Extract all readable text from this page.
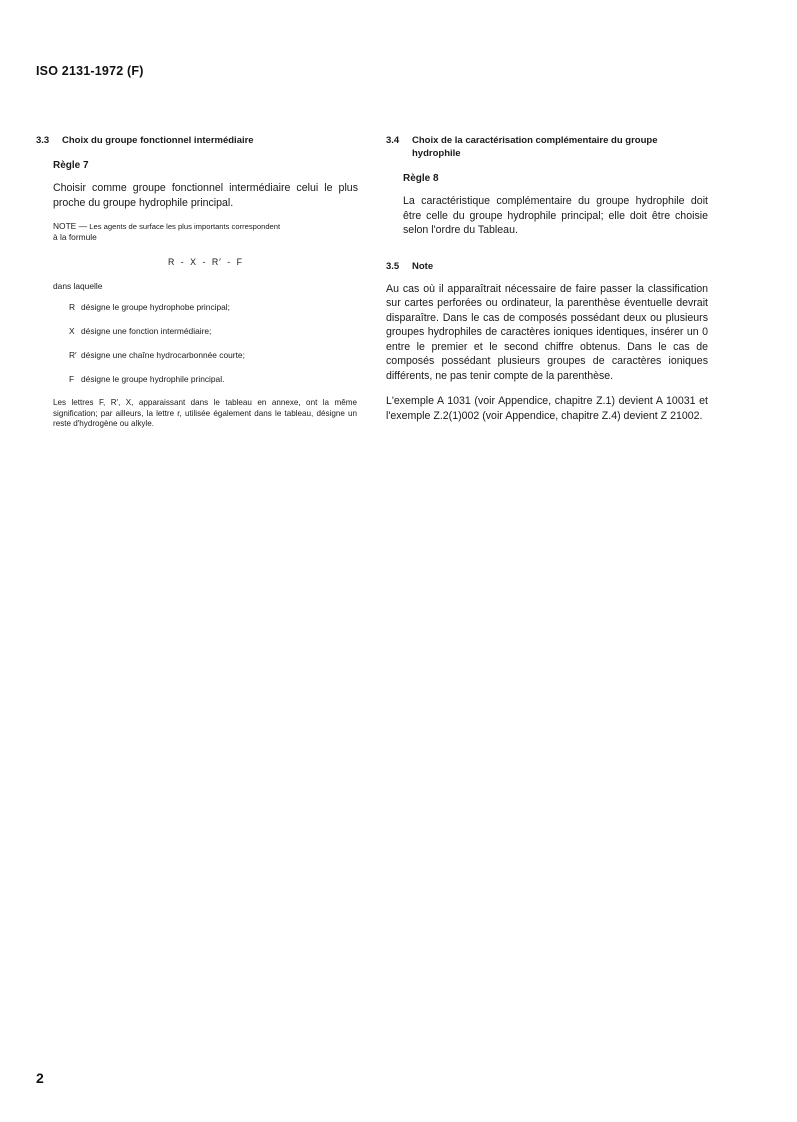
ISO 2131-1972 (F)
3.3	Choix du groupe fonctionnel intermédiaire
Règle 7

Choisir comme groupe fonctionnel intermédiaire celui le plus proche du groupe hydrophile principal.

NOTE — Les agents de surface les plus importants correspondent
à la formule

R - X - R′ - F
dans laquelle
R désigne le groupe hydrophobe principal;
X désigne une fonction intermédiaire;
R′ désigne une chaîne hydrocarbonnée courte;
F désigne le groupe hydrophile principal.

Les lettres F, R′, X, apparaissant dans le tableau en annexe, ont la même signification; par ailleurs, la lettre r, utilisée également dans le tableau, désigne un reste d'hydrogène ou alkyle.

3.4	Choix de la caractérisation complémentaire du groupe hydrophile
Règle 8

La caractéristique complémentaire du groupe hydrophile doit être celle du groupe hydrophile principal; elle doit être choisie selon l'ordre du Tableau.

3.5	Note

Au cas où il apparaîtrait nécessaire de faire passer la classification sur cartes perforées ou ordinateur, la parenthèse éventuelle devrait disparaître. Dans le cas de composés possédant deux ou plusieurs groupes hydrophiles de caractères ioniques identiques, insérer un 0 entre le premier et le second chiffre obtenus. Dans le cas de composés possédant plusieurs groupes de caractères ioniques différents, ne pas tenir compte de la parenthèse.

L'exemple A 1031 (voir Appendice, chapitre Z.1) devient A 10031 et l'exemple Z.2(1)002 (voir Appendice, chapitre Z.4) devient Z 21002.

2
